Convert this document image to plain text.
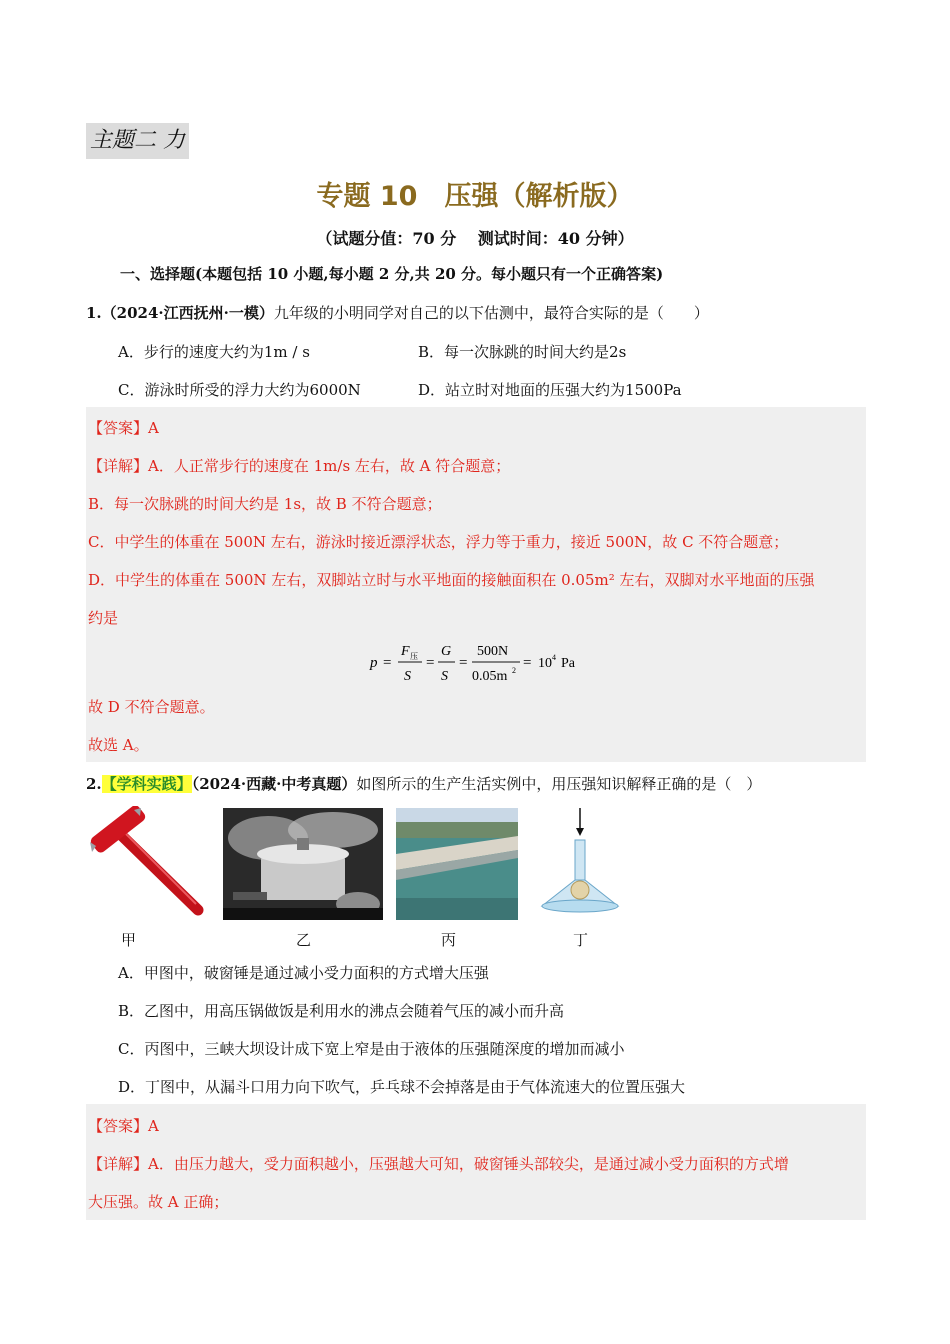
主题二 力
专题 10　压强（解析版）
（试题分值：70 分　 测试时间：40 分钟）
一、选择题(本题包括 10 小题,每小题 2 分,共 20 分。每小题只有一个正确答案)
1.（2024·江西抚州·一模）九年级的小明同学对自己的以下估测中，最符合实际的是（　　）
A．步行的速度大约为1m / s	B．每一次脉跳的时间大约是2s
C．游泳时所受的浮力大约为6000N	D．站立时对地面的压强大约为1500Pa
【答案】A
【详解】A．人正常步行的速度在 1m/s 左右，故 A 符合题意；
B．每一次脉跳的时间大约是 1s，故 B 不符合题意；
C．中学生的体重在 500N 左右，游泳时接近漂浮状态，浮力等于重力，接近 500N，故 C 不符合题意；
D．中学生的体重在 500N 左右，双脚站立时与水平地面的接触面积在 0.05m² 左右，双脚对水平地面的压强
约是
p =
F 压
S
=
G
S
=
500N
0.05m 2 = 10 4 Pa
故 D 不符合题意。
故选 A。
2.【学科实践】（2024·西藏·中考真题）如图所示的生产生活实例中，用压强知识解释正确的是（　）
甲	乙	丙	丁
A．甲图中，破窗锤是通过减小受力面积的方式增大压强
B．乙图中，用高压锅做饭是利用水的沸点会随着气压的减小而升高
C．丙图中，三峡大坝设计成下宽上窄是由于液体的压强随深度的增加而减小
D．丁图中，从漏斗口用力向下吹气，乒乓球不会掉落是由于气体流速大的位置压强大
【答案】A
【详解】A．由压力越大，受力面积越小，压强越大可知，破窗锤头部较尖，是通过减小受力面积的方式增
大压强。故 A 正确；
